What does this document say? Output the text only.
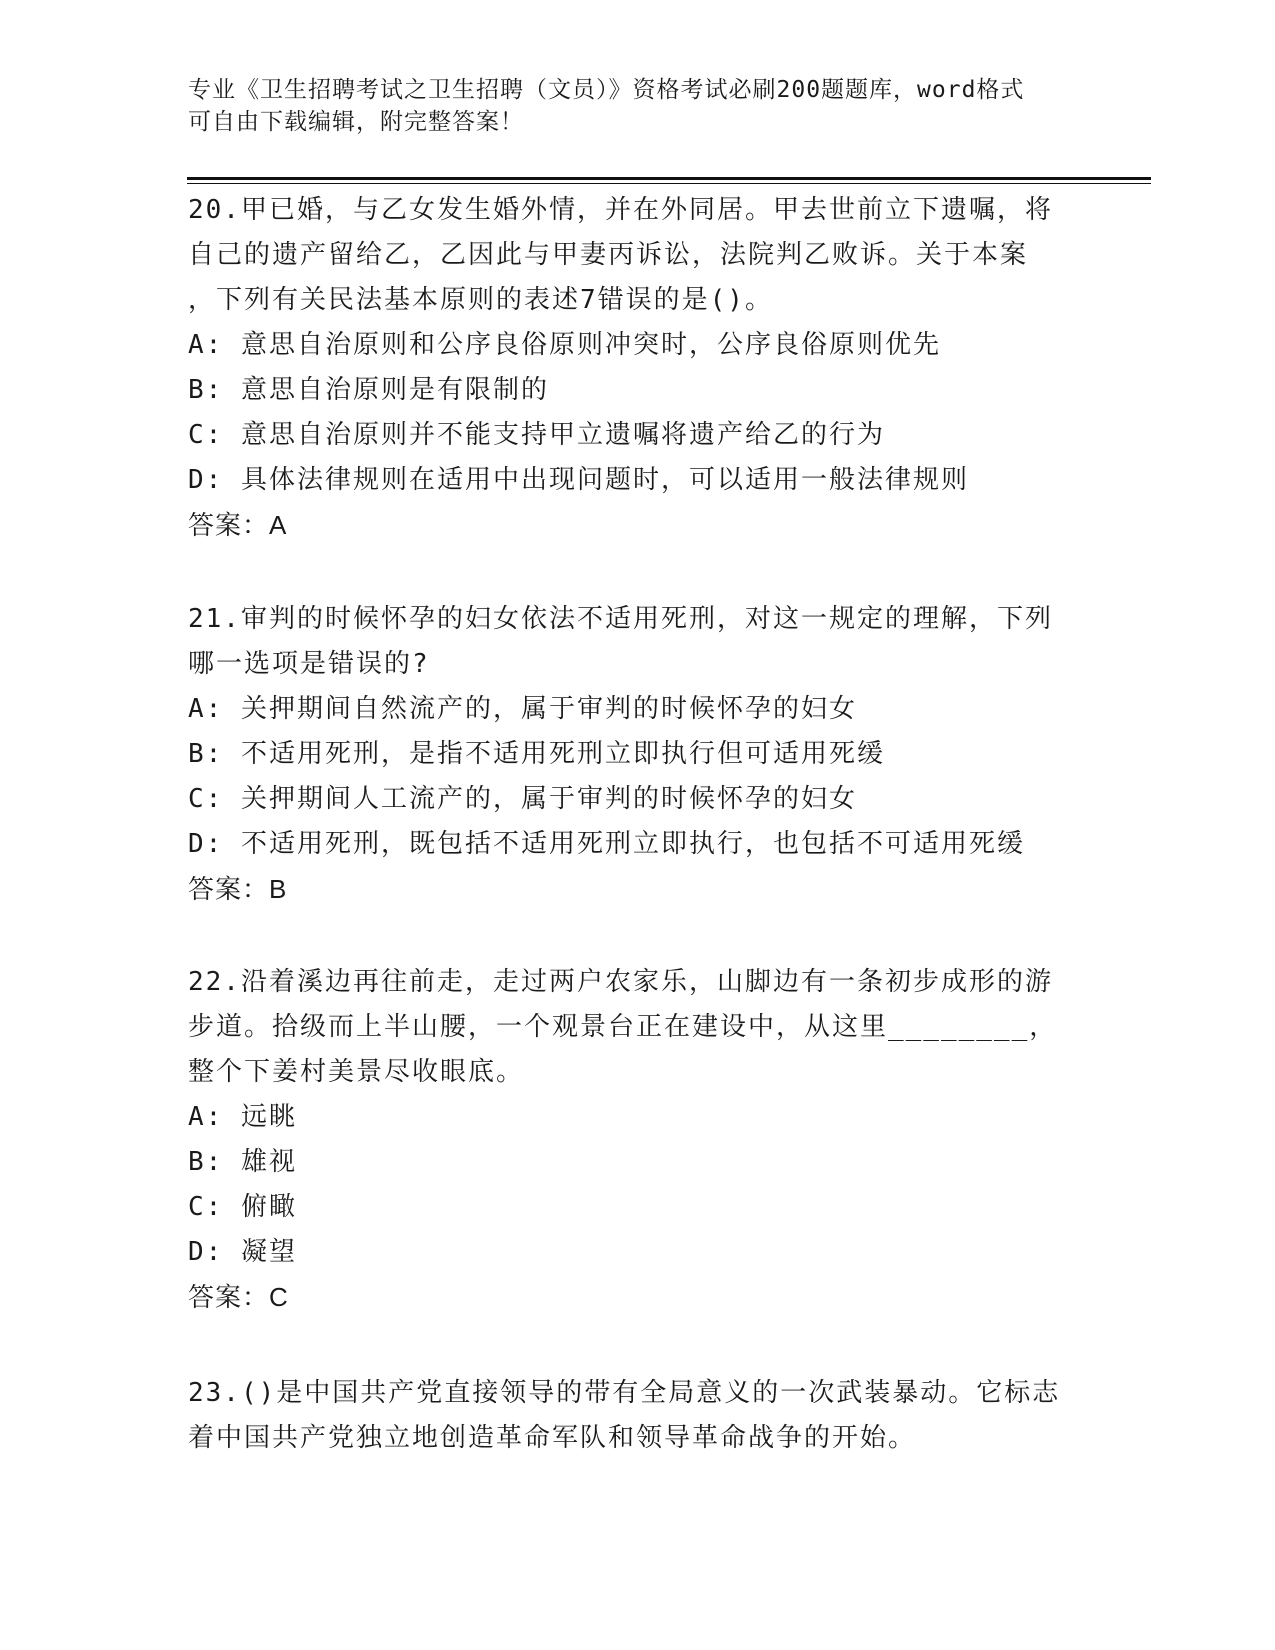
专业《卫生招聘考试之卫生招聘（文员）》资格考试必刷200题题库，word格式
可自由下载编辑，附完整答案！

20.甲已婚，与乙女发生婚外情，并在外同居。甲去世前立下遗嘱，将

自己的遗产留给乙，乙因此与甲妻丙诉讼，法院判乙败诉。关于本案

，下列有关民法基本原则的表述7错误的是()。

A: 意思自治原则和公序良俗原则冲突时，公序良俗原则优先

B: 意思自治原则是有限制的

C: 意思自治原则并不能支持甲立遗嘱将遗产给乙的行为

D: 具体法律规则在适用中出现问题时，可以适用一般法律规则

答案：A

21.审判的时候怀孕的妇女依法不适用死刑，对这一规定的理解，下列

哪一选项是错误的?

A: 关押期间自然流产的，属于审判的时候怀孕的妇女

B: 不适用死刑，是指不适用死刑立即执行但可适用死缓

C: 关押期间人工流产的，属于审判的时候怀孕的妇女

D: 不适用死刑，既包括不适用死刑立即执行，也包括不可适用死缓

答案：B

22.沿着溪边再往前走，走过两户农家乐，山脚边有一条初步成形的游

步道。拾级而上半山腰，一个观景台正在建设中，从这里________，

整个下姜村美景尽收眼底。

A: 远眺

B: 雄视

C: 俯瞰

D: 凝望

答案：C

23.()是中国共产党直接领导的带有全局意义的一次武装暴动。它标志

着中国共产党独立地创造革命军队和领导革命战争的开始。
